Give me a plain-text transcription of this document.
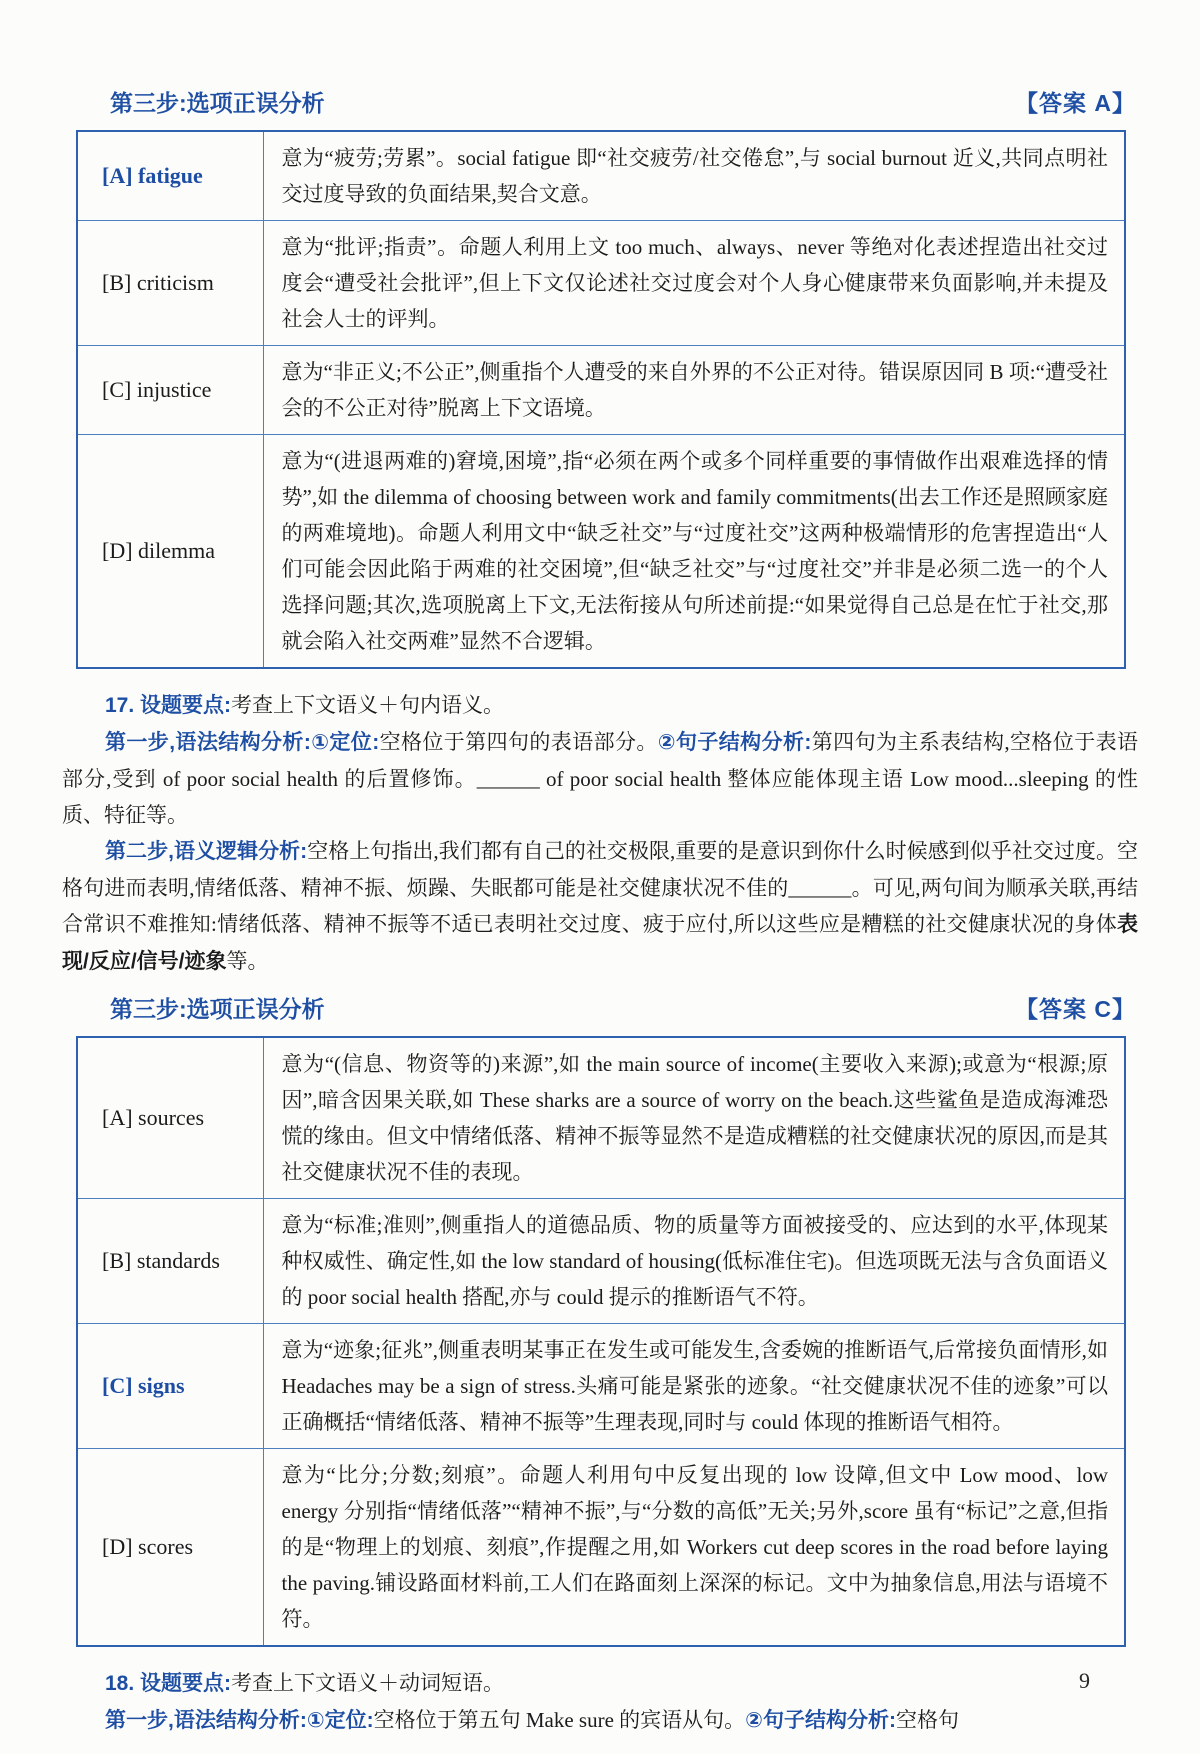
第三步:选项正误分析	【答案 A】
[A] fatigue	意为“疲劳;劳累”。social fatigue 即“社交疲劳/社交倦怠”,与 social burnout 近义,共同点明社交过度导致的负面结果,契合文意。
[B] criticism	意为“批评;指责”。命题人利用上文 too much、always、never 等绝对化表述捏造出社交过度会“遭受社会批评”,但上下文仅论述社交过度会对个人身心健康带来负面影响,并未提及社会人士的评判。
[C] injustice	意为“非正义;不公正”,侧重指个人遭受的来自外界的不公正对待。错误原因同 B 项:“遭受社会的不公正对待”脱离上下文语境。
[D] dilemma	意为“(进退两难的)窘境,困境”,指“必须在两个或多个同样重要的事情做作出艰难选择的情势”,如 the dilemma of choosing between work and family commitments(出去工作还是照顾家庭的两难境地)。命题人利用文中“缺乏社交”与“过度社交”这两种极端情形的危害捏造出“人们可能会因此陷于两难的社交困境”,但“缺乏社交”与“过度社交”并非是必须二选一的个人选择问题;其次,选项脱离上下文,无法衔接从句所述前提:“如果觉得自己总是在忙于社交,那就会陷入社交两难”显然不合逻辑。

17. 设题要点:考查上下文语义＋句内语义。

第一步,语法结构分析:①定位:空格位于第四句的表语部分。②句子结构分析:第四句为主系表结构,空格位于表语部分,受到 of poor social health 的后置修饰。______ of poor social health 整体应能体现主语 Low mood...sleeping 的性质、特征等。

第二步,语义逻辑分析:空格上句指出,我们都有自己的社交极限,重要的是意识到你什么时候感到似乎社交过度。空格句进而表明,情绪低落、精神不振、烦躁、失眠都可能是社交健康状况不佳的______。可见,两句间为顺承关联,再结合常识不难推知:情绪低落、精神不振等不适已表明社交过度、疲于应付,所以这些应是糟糕的社交健康状况的身体表现/反应/信号/迹象等。

第三步:选项正误分析	【答案 C】
[A] sources	意为“(信息、物资等的)来源”,如 the main source of income(主要收入来源);或意为“根源;原因”,暗含因果关联,如 These sharks are a source of worry on the beach.这些鲨鱼是造成海滩恐慌的缘由。但文中情绪低落、精神不振等显然不是造成糟糕的社交健康状况的原因,而是其社交健康状况不佳的表现。
[B] standards	意为“标准;准则”,侧重指人的道德品质、物的质量等方面被接受的、应达到的水平,体现某种权威性、确定性,如 the low standard of housing(低标准住宅)。但选项既无法与含负面语义的 poor social health 搭配,亦与 could 提示的推断语气不符。
[C] signs	意为“迹象;征兆”,侧重表明某事正在发生或可能发生,含委婉的推断语气,后常接负面情形,如 Headaches may be a sign of stress.头痛可能是紧张的迹象。“社交健康状况不佳的迹象”可以正确概括“情绪低落、精神不振等”生理表现,同时与 could 体现的推断语气相符。
[D] scores	意为“比分;分数;刻痕”。命题人利用句中反复出现的 low 设障,但文中 Low mood、low energy 分别指“情绪低落”“精神不振”,与“分数的高低”无关;另外,score 虽有“标记”之意,但指的是“物理上的划痕、刻痕”,作提醒之用,如 Workers cut deep scores in the road before laying the paving.铺设路面材料前,工人们在路面刻上深深的标记。文中为抽象信息,用法与语境不符。

18. 设题要点:考查上下文语义＋动词短语。

第一步,语法结构分析:①定位:空格位于第五句 Make sure 的宾语从句。②句子结构分析:空格句

9
